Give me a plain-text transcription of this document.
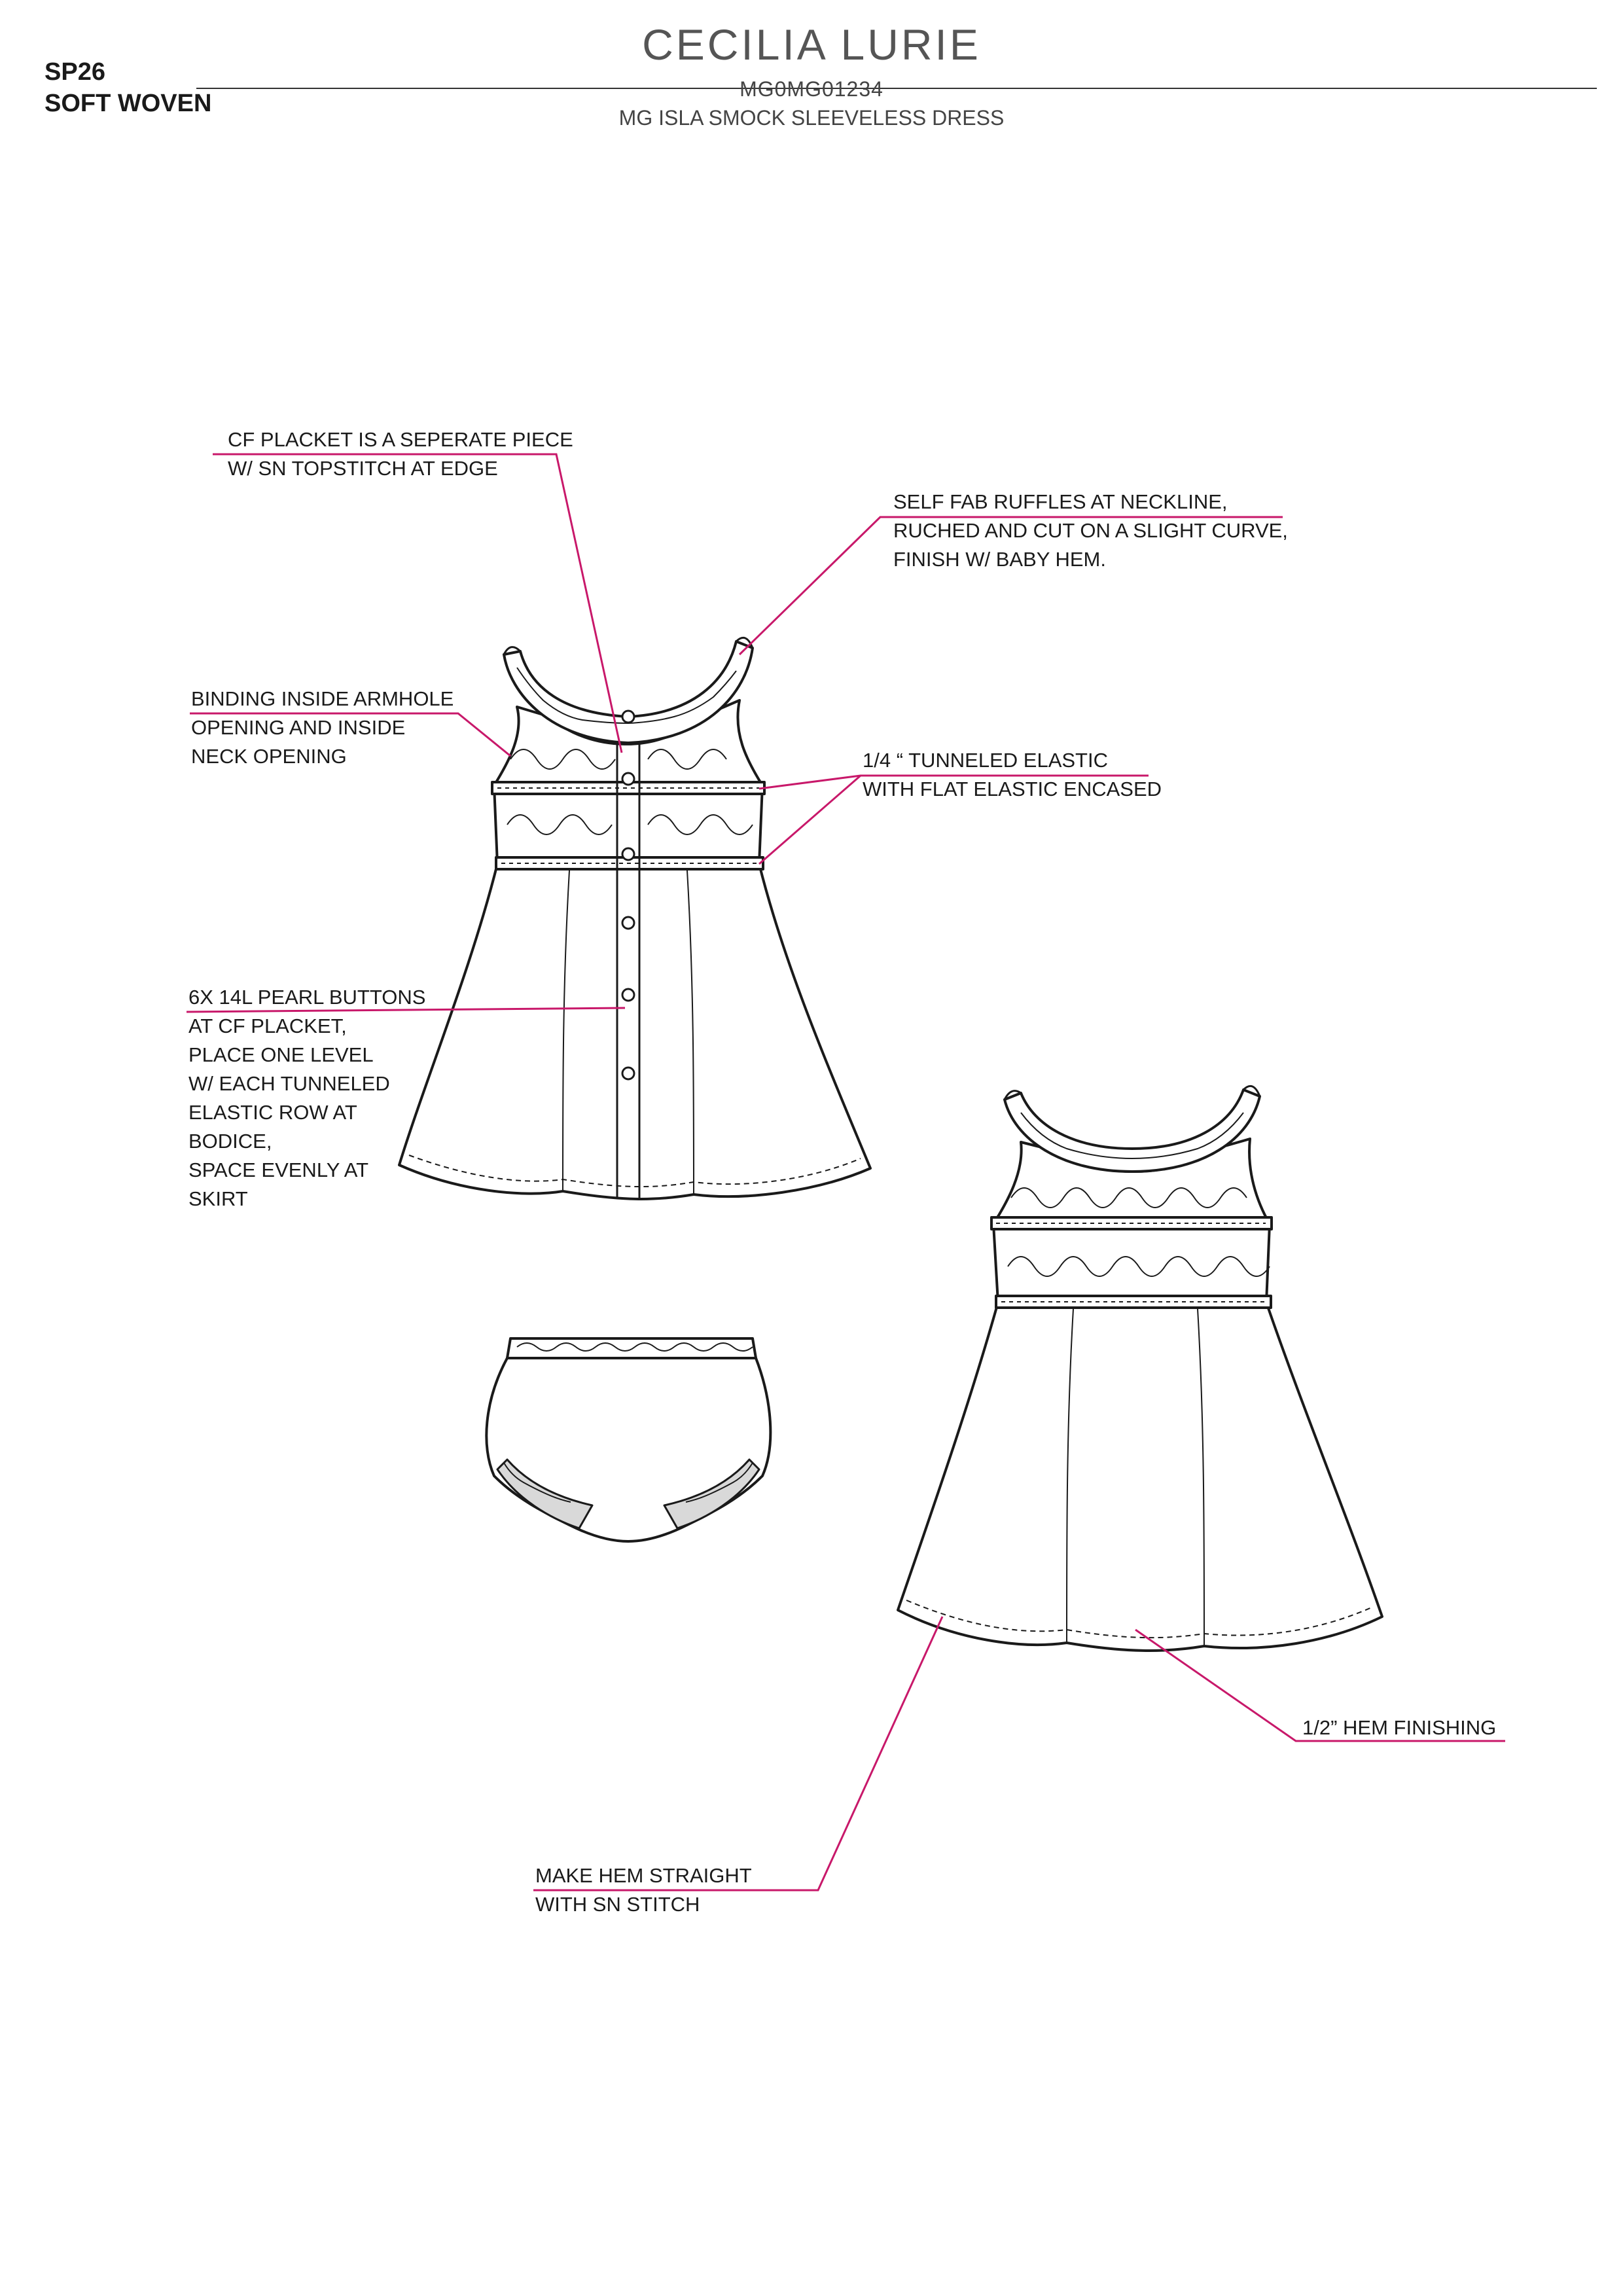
SP26
SOFT WOVEN
CECILIA LURIE
MG0MG01234
MG ISLA SMOCK SLEEVELESS DRESS
CF PLACKET IS A SEPERATE PIECE
W/ SN TOPSTITCH AT EDGE
SELF FAB RUFFLES AT NECKLINE,
RUCHED AND CUT ON A SLIGHT CURVE,
FINISH W/ BABY HEM.
BINDING INSIDE ARMHOLE
OPENING AND INSIDE
NECK OPENING	1/4 “ TUNNELED ELASTIC
WITH FLAT ELASTIC ENCASED
6X 14L PEARL BUTTONS
AT CF PLACKET,
PLACE ONE LEVEL
W/ EACH TUNNELED
ELASTIC ROW AT
BODICE,
SPACE EVENLY AT
SKIRT
1/2” HEM FINISHING
MAKE HEM STRAIGHT
WITH SN STITCH
